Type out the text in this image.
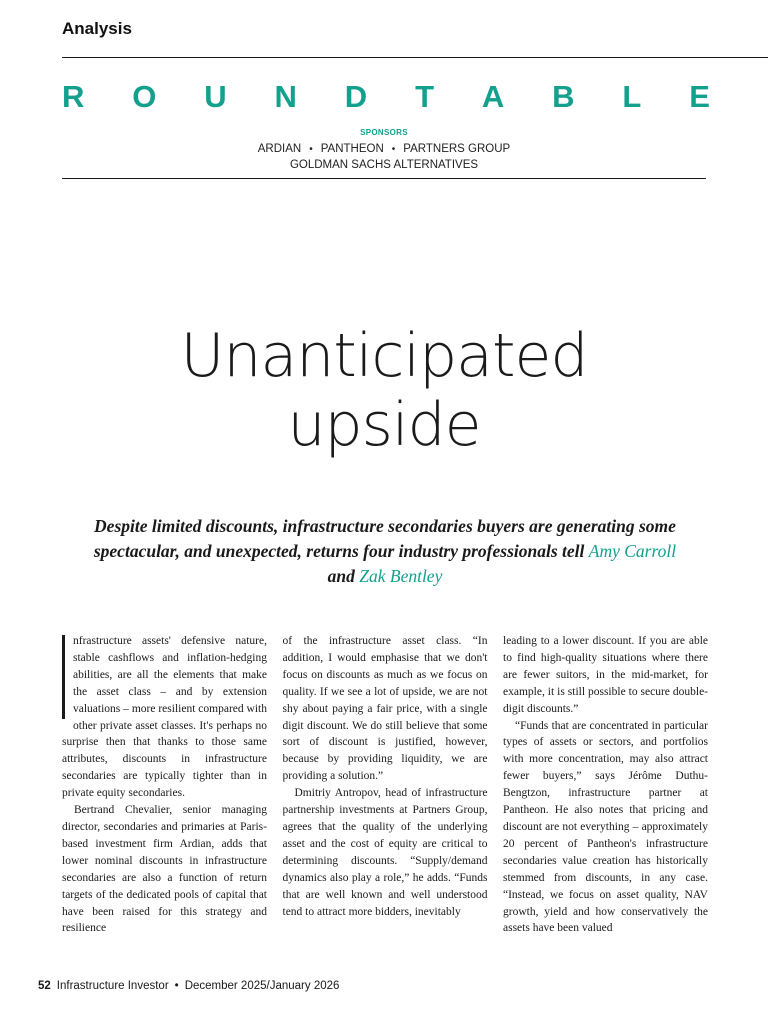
Analysis
R O U N D T A B L E
SPONSORS
ARDIAN • PANTHEON • PARTNERS GROUP
GOLDMAN SACHS ALTERNATIVES
Unanticipated
upside
Despite limited discounts, infrastructure secondaries buyers are generating some spectacular, and unexpected, returns four industry professionals tell Amy Carroll and Zak Bentley

nfrastructure assets' defensive nature, stable cashflows and inflation-hedging abilities, are all the elements that make the asset class – and by extension valuations – more resilient compared with other private asset classes. It's perhaps no surprise then that thanks to those same attributes, discounts in infrastructure secondaries are typically tighter than in private equity secondaries.

Bertrand Chevalier, senior managing director, secondaries and primaries at Paris-based investment firm Ardian, adds that lower nominal discounts in infrastructure secondaries are also a function of return targets of the dedicated pools of capital that have been raised for this strategy and resilience

of the infrastructure asset class. “In addition, I would emphasise that we don't focus on discounts as much as we focus on quality. If we see a lot of upside, we are not shy about paying a fair price, with a single digit discount. We do still believe that some sort of discount is justified, however, because by providing liquidity, we are providing a solution.”

Dmitriy Antropov, head of infrastructure partnership investments at Partners Group, agrees that the quality of the underlying asset and the cost of equity are critical to determining discounts. “Supply/demand dynamics also play a role,” he adds. “Funds that are well known and well understood tend to attract more bidders, inevitably

leading to a lower discount. If you are able to find high-quality situations where there are fewer suitors, in the mid-market, for example, it is still possible to secure double-digit discounts.”

“Funds that are concentrated in particular types of assets or sectors, and portfolios with more concentration, may also attract fewer buyers,” says Jérôme Duthu-Bengtzon, infrastructure partner at Pantheon. He also notes that pricing and discount are not everything – approximately 20 percent of Pantheon's infrastructure secondaries value creation has historically stemmed from discounts, in any case. “Instead, we focus on asset quality, NAV growth, yield and how conservatively the assets have been valued

52 Infrastructure Investor • December 2025/January 2026
